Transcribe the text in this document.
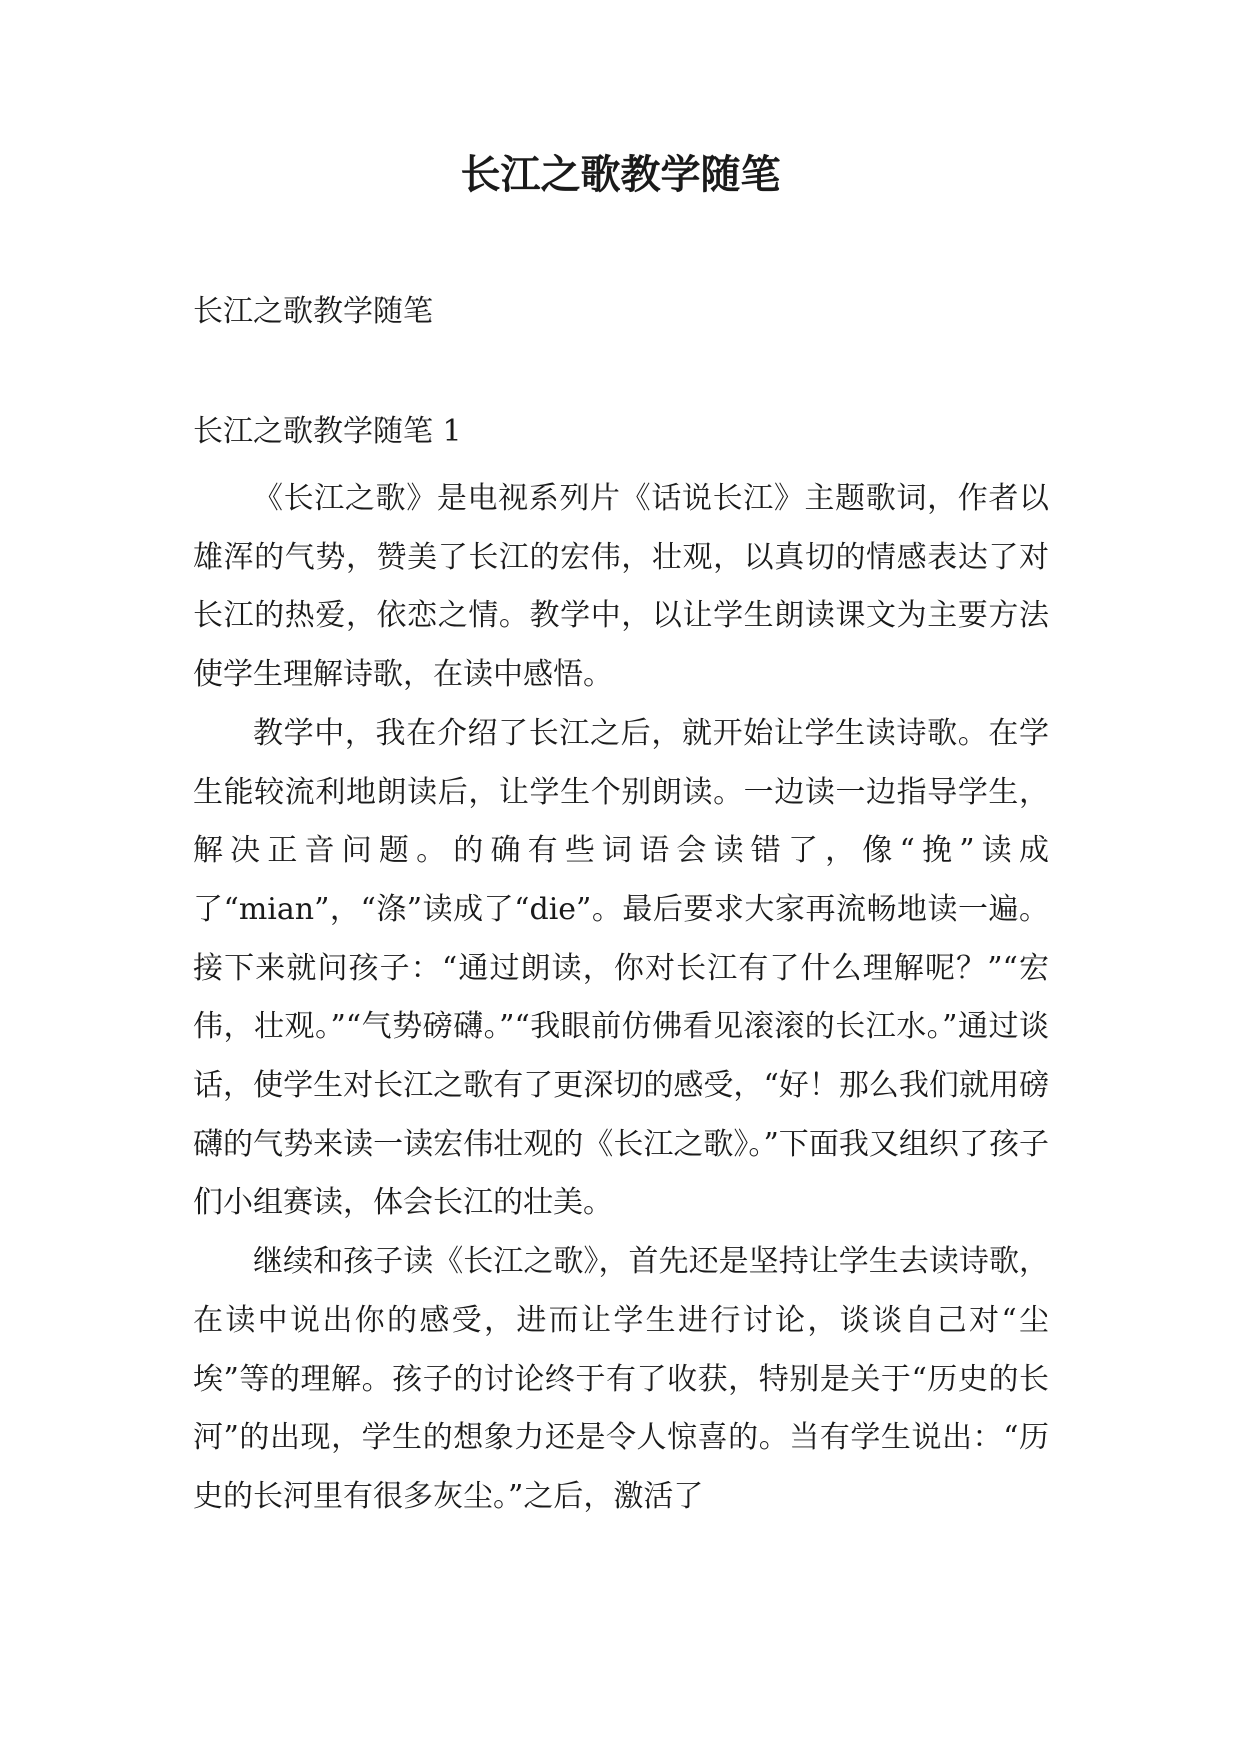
长江之歌教学随笔
长江之歌教学随笔
长江之歌教学随笔 1

《长江之歌》是电视系列片《话说长江》主题歌词，作者以雄浑的气势，赞美了长江的宏伟，壮观，以真切的情感表达了对长江的热爱，依恋之情。教学中，以让学生朗读课文为主要方法使学生理解诗歌，在读中感悟。

教学中，我在介绍了长江之后，就开始让学生读诗歌。在学生能较流利地朗读后，让学生个别朗读。一边读一边指导学生，解决正音问题。的确有些词语会读错了，像“挽”读成了“mian”，“涤”读成了“die”。最后要求大家再流畅地读一遍。接下来就问孩子：“通过朗读，你对长江有了什么理解呢？”“宏伟，壮观。”“气势磅礴。”“我眼前仿佛看见滚滚的长江水。”通过谈话，使学生对长江之歌有了更深切的感受，“好！那么我们就用磅礴的气势来读一读宏伟壮观的《长江之歌》。”下面我又组织了孩子们小组赛读，体会长江的壮美。

继续和孩子读《长江之歌》，首先还是坚持让学生去读诗歌，在读中说出你的感受，进而让学生进行讨论，谈谈自己对“尘埃”等的理解。孩子的讨论终于有了收获，特别是关于“历史的长河”的出现，学生的想象力还是令人惊喜的。当有学生说出：“历史的长河里有很多灰尘。”之后，激活了
